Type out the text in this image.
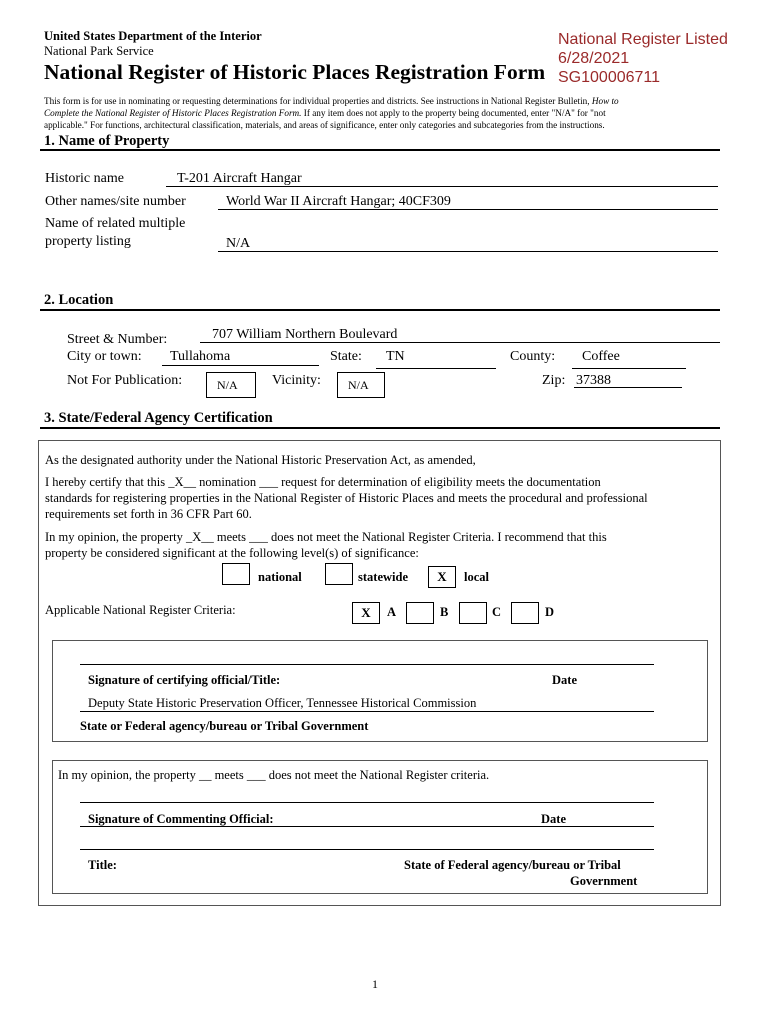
United States Department of the Interior
National Park Service
National Register of Historic Places Registration Form
National Register Listed
6/28/2021
SG100006711
This form is for use in nominating or requesting determinations for individual properties and districts. See instructions in National Register Bulletin, How to
Complete the National Register of Historic Places Registration Form. If any item does not apply to the property being documented, enter "N/A" for "not
applicable." For functions, architectural classification, materials, and areas of significance, enter only categories and subcategories from the instructions.
1. Name of Property
Historic name	T-201 Aircraft Hangar
Other names/site number	World War II Aircraft Hangar; 40CF309
Name of related multiple
property listing	N/A
2. Location
Street & Number:	707 William Northern Boulevard
City or town: Tullahoma	State: TN	County: Coffee
Not For Publication:	N/A Vicinity: N/A	Zip: 37388
3. State/Federal Agency Certification
As the designated authority under the National Historic Preservation Act, as amended,
I hereby certify that this _X__ nomination ___ request for determination of eligibility meets the documentation
standards for registering properties in the National Register of Historic Places and meets the procedural and professional
requirements set forth in 36 CFR Part 60.
In my opinion, the property _X__ meets ___ does not meet the National Register Criteria. I recommend that this
property be considered significant at the following level(s) of significance:
national	statewide	X	local
Applicable National Register Criteria:	X	A	B	C	D
Signature of certifying official/Title:	Date
Deputy State Historic Preservation Officer, Tennessee Historical Commission
State or Federal agency/bureau or Tribal Government
In my opinion, the property __ meets ___ does not meet the National Register criteria.
Signature of Commenting Official:	Date
Title:	State of Federal agency/bureau or Tribal
Government
1
